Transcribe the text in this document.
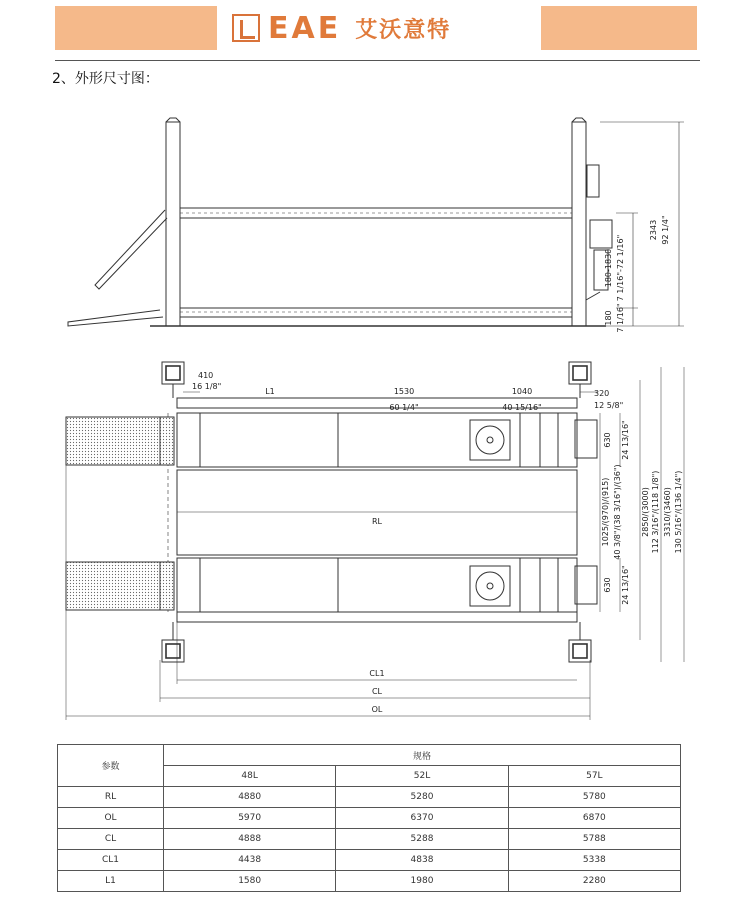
EAE 艾沃意特
2、外形尺寸图：
2343 92 1/4"
180-1830 7 1/16"-72 1/16"
180 7 1/16"
410
16 1/8"
L1	1530
60 1/4"
1040
40 15/16"
320
12 5/8"
630 24 13/16"
630 24 13/16"
1025/(970)/(915) 40 3/8"/(38 3/16")/(36") 2850/(3000) 112 3/16"/(118 1/8") 3310/(3460) 130 5/16"/(136 1/4")
RL
CL1
CL
OL
参数	规格		
	48L	52L	57L
RL	4880	5280	5780
OL	5970	6370	6870
CL	4888	5288	5788
CL1	4438	4838	5338
L1	1580	1980	2280
